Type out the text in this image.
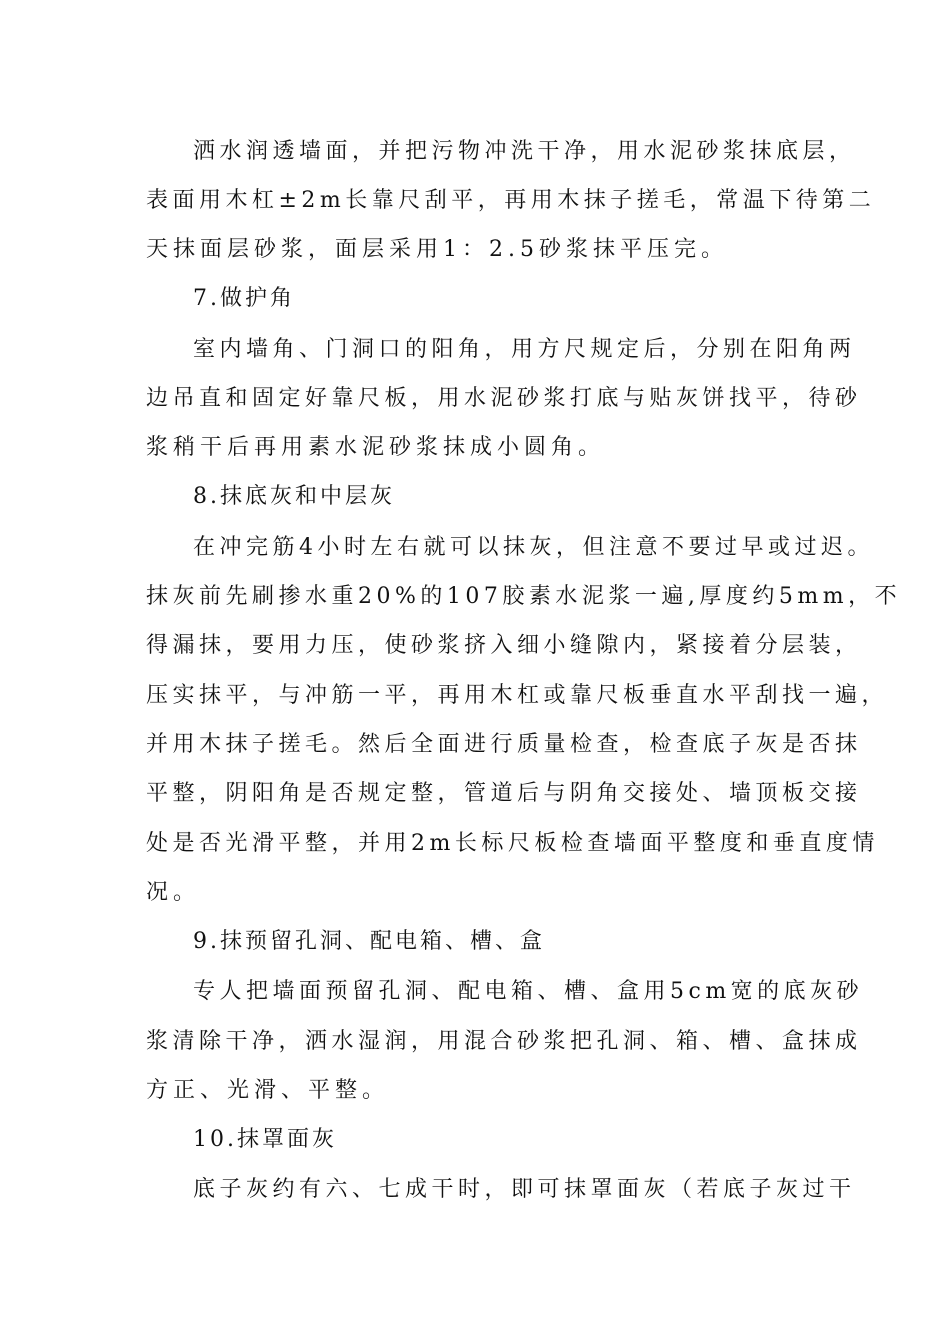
洒水润透墙面，并把污物冲洗干净，用水泥砂浆抹底层，
表面用木杠±2m长靠尺刮平，再用木抹子搓毛，常温下待第二
天抹面层砂浆，面层采用1：2.5砂浆抹平压完。
7.做护角
室内墙角、门洞口的阳角，用方尺规定后，分别在阳角两
边吊直和固定好靠尺板，用水泥砂浆打底与贴灰饼找平，待砂
浆稍干后再用素水泥砂浆抹成小圆角。
8.抹底灰和中层灰
在冲完筋4小时左右就可以抹灰，但注意不要过早或过迟。
抹灰前先刷掺水重20%的107胶素水泥浆一遍,厚度约5mm，不
得漏抹，要用力压，使砂浆挤入细小缝隙内，紧接着分层装，
压实抹平，与冲筋一平，再用木杠或靠尺板垂直水平刮找一遍，
并用木抹子搓毛。然后全面进行质量检查，检查底子灰是否抹
平整，阴阳角是否规定整，管道后与阴角交接处、墙顶板交接
处是否光滑平整，并用2m长标尺板检查墙面平整度和垂直度情
况。
9.抹预留孔洞、配电箱、槽、盒
专人把墙面预留孔洞、配电箱、槽、盒用5cm宽的底灰砂
浆清除干净，洒水湿润，用混合砂浆把孔洞、箱、槽、盒抹成
方正、光滑、平整。
10.抹罩面灰
底子灰约有六、七成干时，即可抹罩面灰（若底子灰过干
